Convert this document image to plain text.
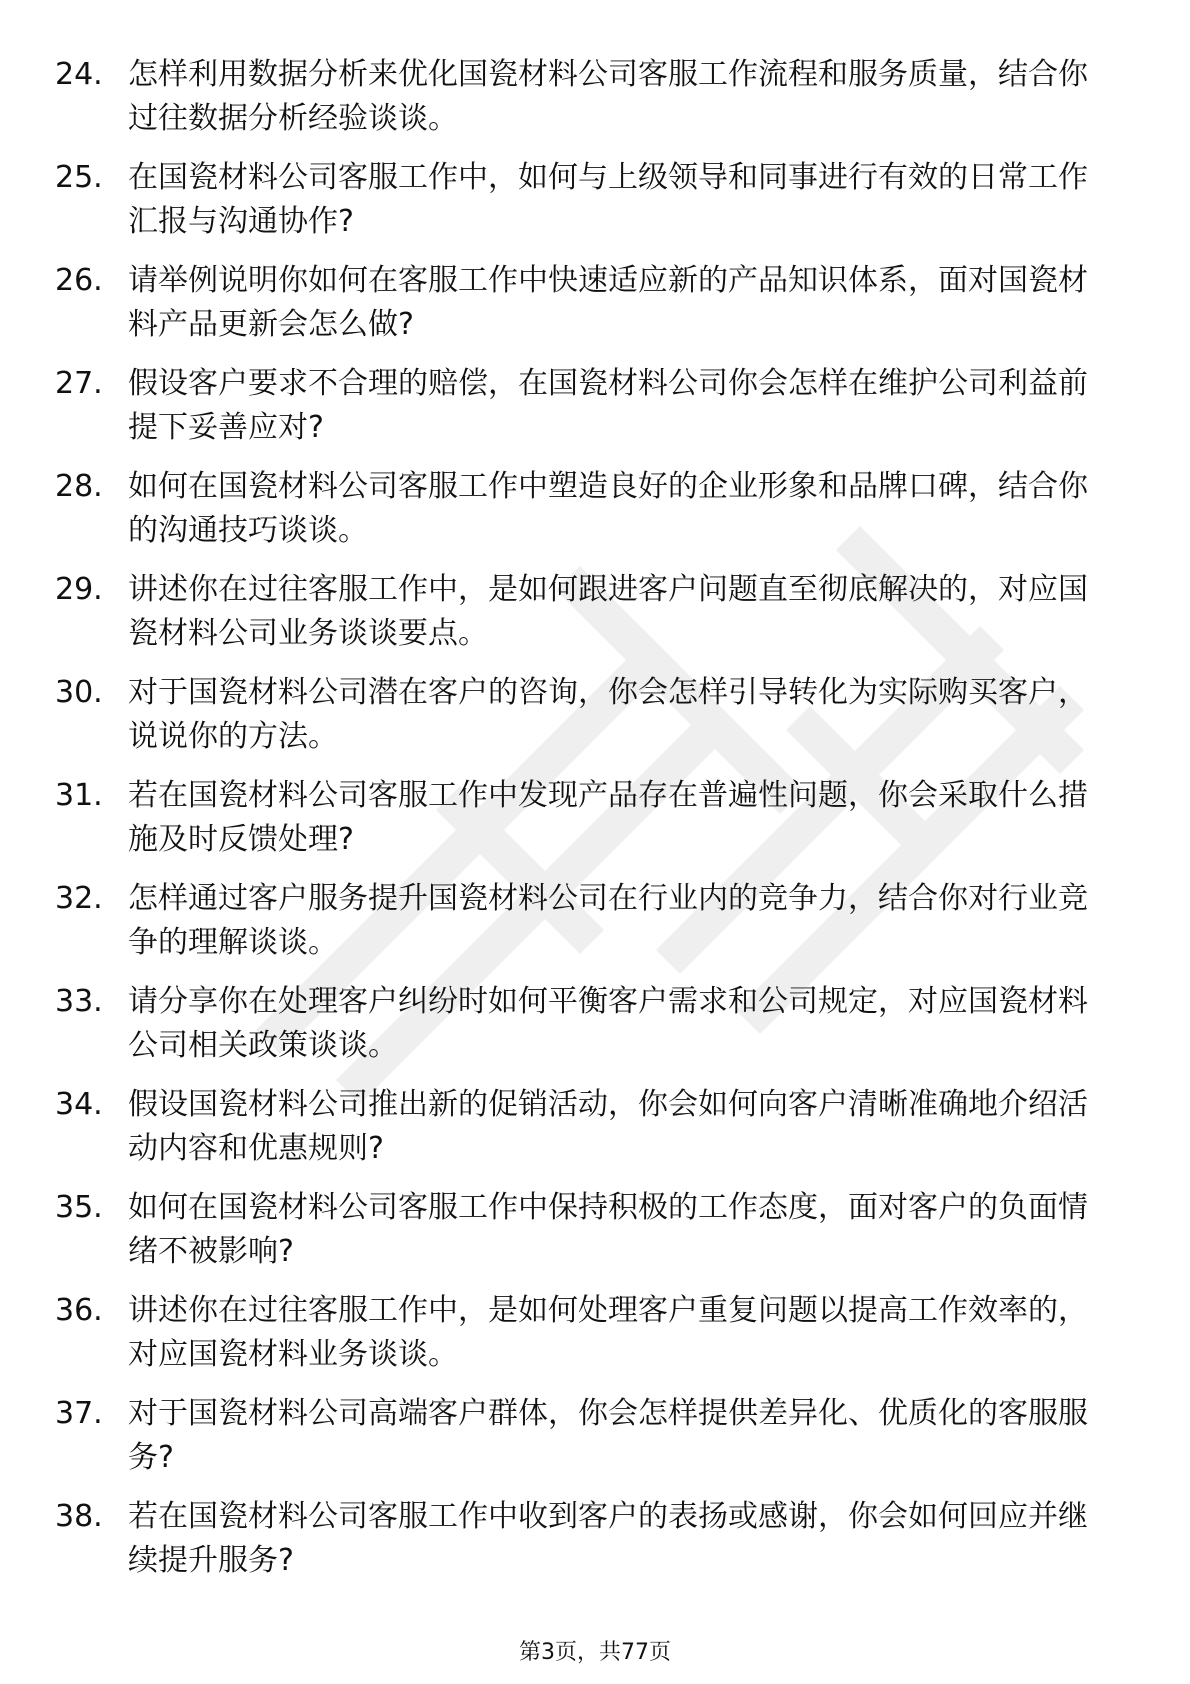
24. 怎样利用数据分析来优化国瓷材料公司客服工作流程和服务质量，结合你过往数据分析经验谈谈。
25. 在国瓷材料公司客服工作中，如何与上级领导和同事进行有效的日常工作汇报与沟通协作?
26. 请举例说明你如何在客服工作中快速适应新的产品知识体系，面对国瓷材料产品更新会怎么做?
27. 假设客户要求不合理的赔偿，在国瓷材料公司你会怎样在维护公司利益前提下妥善应对?
28. 如何在国瓷材料公司客服工作中塑造良好的企业形象和品牌口碑，结合你的沟通技巧谈谈。
29. 讲述你在过往客服工作中，是如何跟进客户问题直至彻底解决的，对应国瓷材料公司业务谈谈要点。
30. 对于国瓷材料公司潜在客户的咨询，你会怎样引导转化为实际购买客户，说说你的方法。
31. 若在国瓷材料公司客服工作中发现产品存在普遍性问题，你会采取什么措施及时反馈处理?
32. 怎样通过客户服务提升国瓷材料公司在行业内的竞争力，结合你对行业竞争的理解谈谈。
33. 请分享你在处理客户纠纷时如何平衡客户需求和公司规定，对应国瓷材料公司相关政策谈谈。
34. 假设国瓷材料公司推出新的促销活动，你会如何向客户清晰准确地介绍活动内容和优惠规则?
35. 如何在国瓷材料公司客服工作中保持积极的工作态度，面对客户的负面情绪不被影响?
36. 讲述你在过往客服工作中，是如何处理客户重复问题以提高工作效率的，对应国瓷材料业务谈谈。
37. 对于国瓷材料公司高端客户群体，你会怎样提供差异化、优质化的客服服务?
38. 若在国瓷材料公司客服工作中收到客户的表扬或感谢，你会如何回应并继续提升服务?
第3页，共77页
